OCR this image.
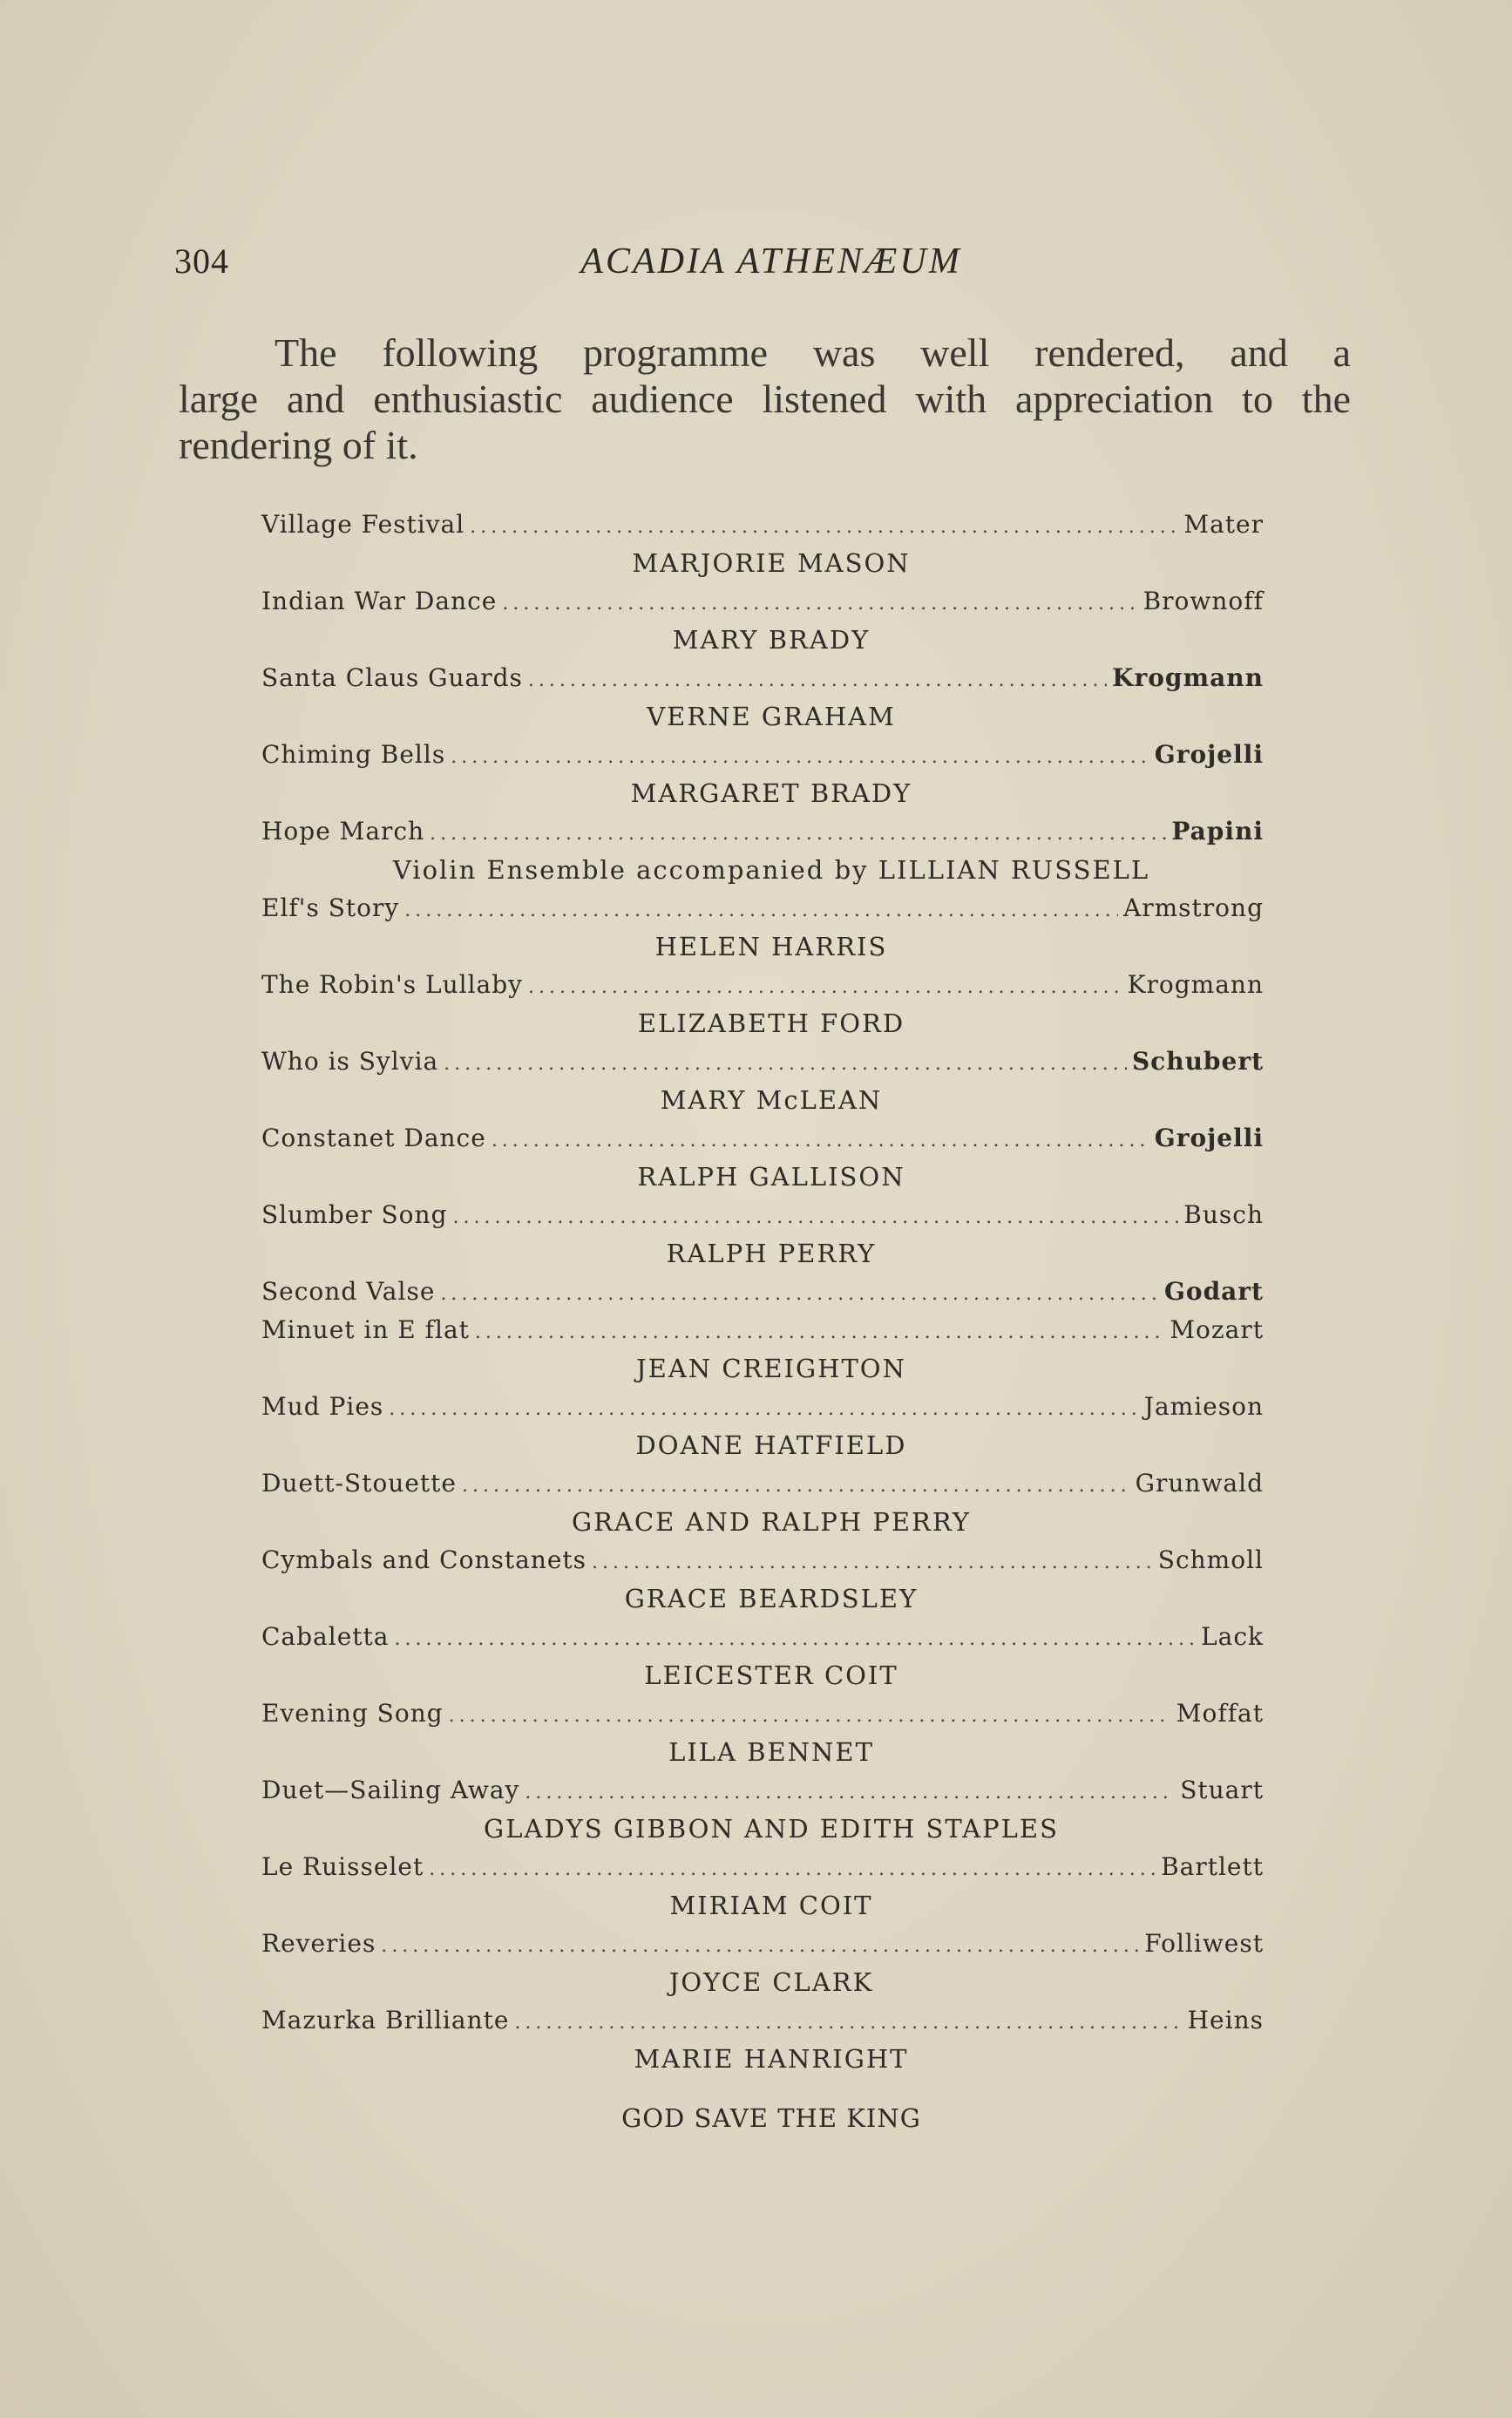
304	ACADIA ATHENÆUM
The following programme was well rendered, and a
large and enthusiastic audience listened with appreciation to the rendering of it.
Village Festival .....	Mater
MARJORIE MASON
Indian War Dance .....	Brownoff
MARY BRADY
Santa Claus Guards .....	Krogmann
VERNE GRAHAM
Chiming Bells .....	Grojelli
MARGARET BRADY
Hope March .....	Papini
Violin Ensemble accompanied by LILLIAN RUSSELL
Elf's Story .....	Armstrong
HELEN HARRIS
The Robin's Lullaby .....	Krogmann
ELIZABETH FORD
Who is Sylvia .....	Schubert
MARY McLEAN
Constanet Dance .....	Grojelli
RALPH GALLISON
Slumber Song .....	Busch
RALPH PERRY
Second Valse .....	Godart
Minuet in E flat .....	Mozart
JEAN CREIGHTON
Mud Pies .....	Jamieson
DOANE HATFIELD
Duett-Stouette .....	Grunwald
GRACE AND RALPH PERRY
Cymbals and Constanets .....	Schmoll
GRACE BEARDSLEY
Cabaletta .....	Lack
LEICESTER COIT
Evening Song .....	Moffat
LILA BENNET
Duet—Sailing Away .....	Stuart
GLADYS GIBBON AND EDITH STAPLES
Le Ruisselet .....	Bartlett
MIRIAM COIT
Reveries .....	Folliwest
JOYCE CLARK
Mazurka Brilliante .....	Heins
MARIE HANRIGHT
GOD SAVE THE KING
